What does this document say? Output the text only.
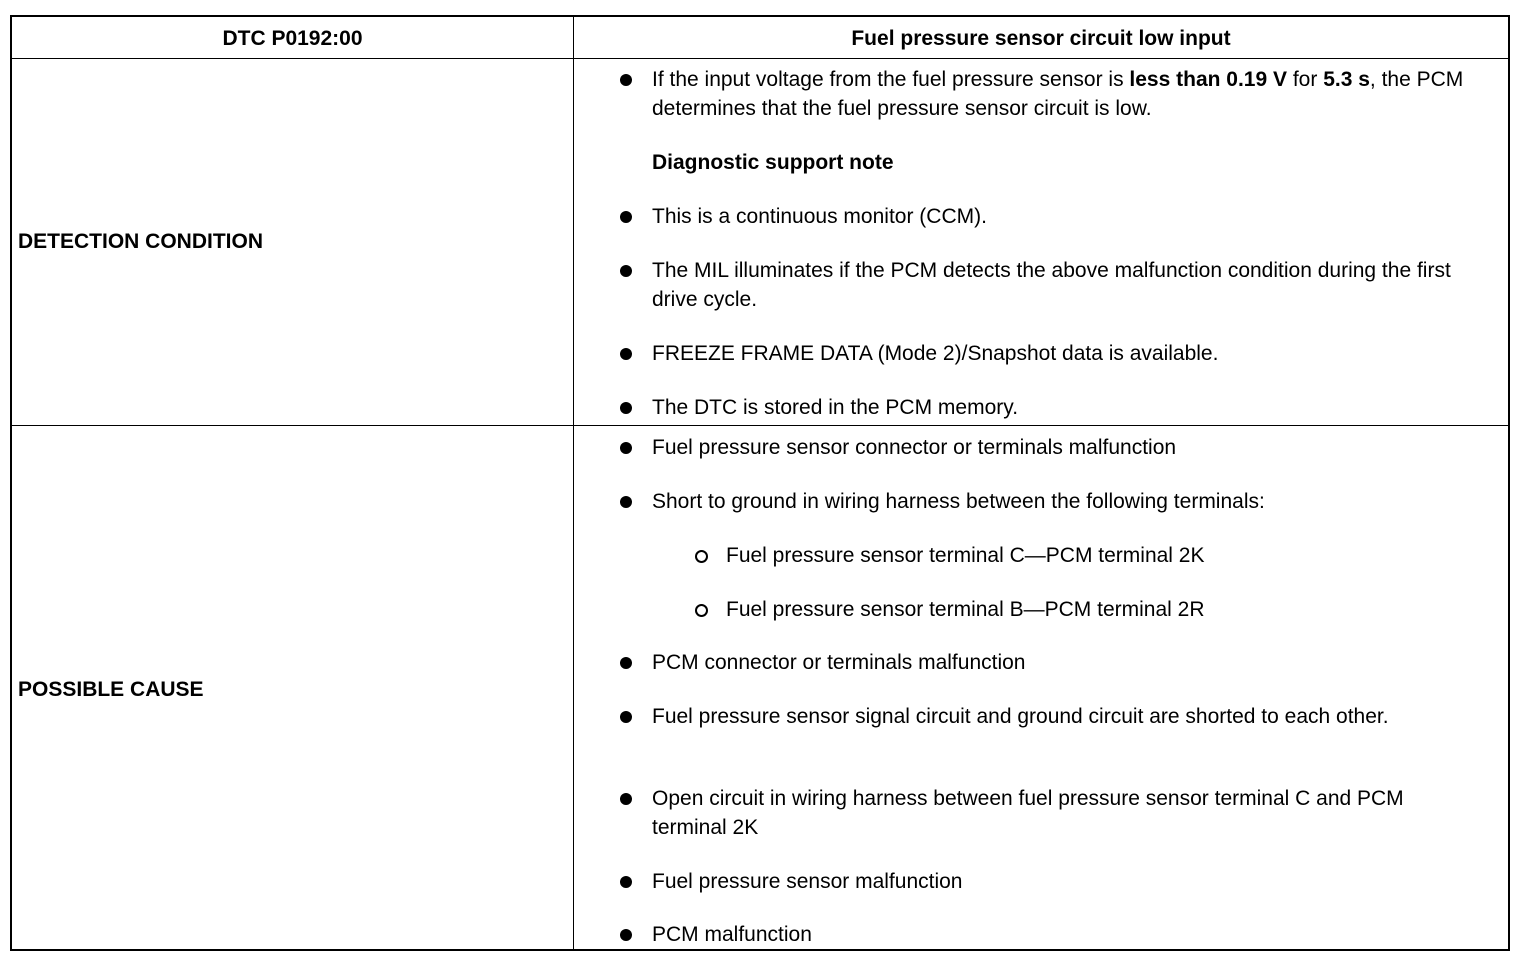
DTC P0192:00	Fuel pressure sensor circuit low input
DETECTION CONDITION
If the input voltage from the fuel pressure sensor is less than 0.19 V for 5.3 s, the PCM determines that the fuel pressure sensor circuit is low.
Diagnostic support note
This is a continuous monitor (CCM).
The MIL illuminates if the PCM detects the above malfunction condition during the first drive cycle.
FREEZE FRAME DATA (Mode 2)/Snapshot data is available.
The DTC is stored in the PCM memory.
POSSIBLE CAUSE
Fuel pressure sensor connector or terminals malfunction
Short to ground in wiring harness between the following terminals:
Fuel pressure sensor terminal C—PCM terminal 2K
Fuel pressure sensor terminal B—PCM terminal 2R
PCM connector or terminals malfunction
Fuel pressure sensor signal circuit and ground circuit are shorted to each other.
Open circuit in wiring harness between fuel pressure sensor terminal C and PCM terminal 2K
Fuel pressure sensor malfunction
PCM malfunction
